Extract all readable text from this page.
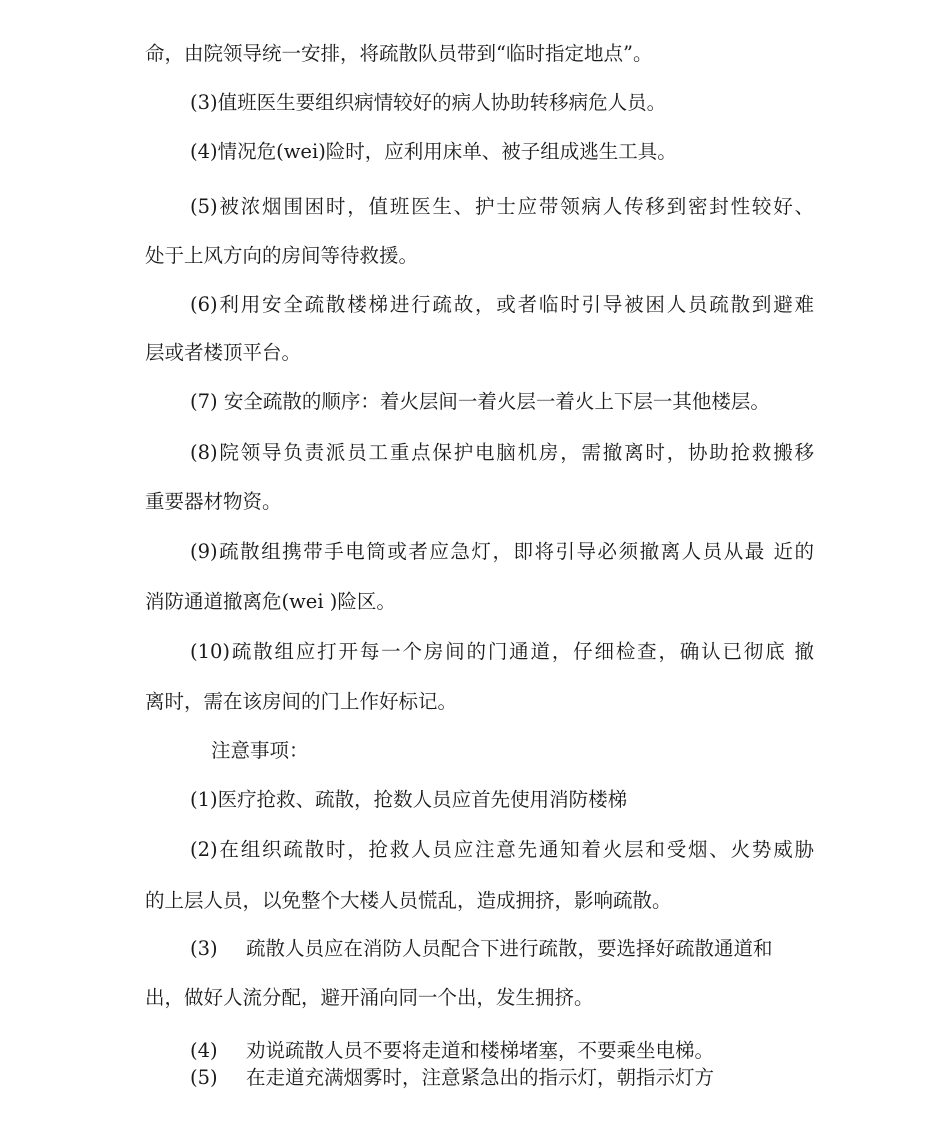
命，由院领导统一安排，将疏散队员带到“临时指定地点”。

(3)值班医生要组织病情较好的病人协助转移病危人员。

(4)情况危(wei)险时，应利用床单、被子组成逃生工具。

(5)被浓烟围困时，值班医生、护士应带领病人传移到密封性较好、

处于上风方向的房间等待救援。

(6)利用安全疏散楼梯进行疏故，或者临时引导被困人员疏散到避难

层或者楼顶平台。

(7) 安全疏散的顺序：着火层间一着火层一着火上下层一其他楼层。

(8)院领导负责派员工重点保护电脑机房，需撤离时，协助抢救搬移

重要器材物资。

(9)疏散组携带手电筒或者应急灯，即将引导必须撤离人员从最 近的

消防通道撤离危(wei )险区。

(10)疏散组应打开每一个房间的门通道，仔细检查，确认已彻底 撤

离时，需在该房间的门上作好标记。

注意事项：

(1)医疗抢救、疏散，抢数人员应首先使用消防楼梯

(2)在组织疏散时，抢救人员应注意先通知着火层和受烟、火势威胁

的上层人员，以免整个大楼人员慌乱，造成拥挤，影响疏散。

(3) 疏散人员应在消防人员配合下进行疏散，要选择好疏散通道和

出，做好人流分配，避开涌向同一个出，发生拥挤。

(4) 劝说疏散人员不要将走道和楼梯堵塞，不要乘坐电梯。

(5) 在走道充满烟雾时，注意紧急出的指示灯，朝指示灯方
